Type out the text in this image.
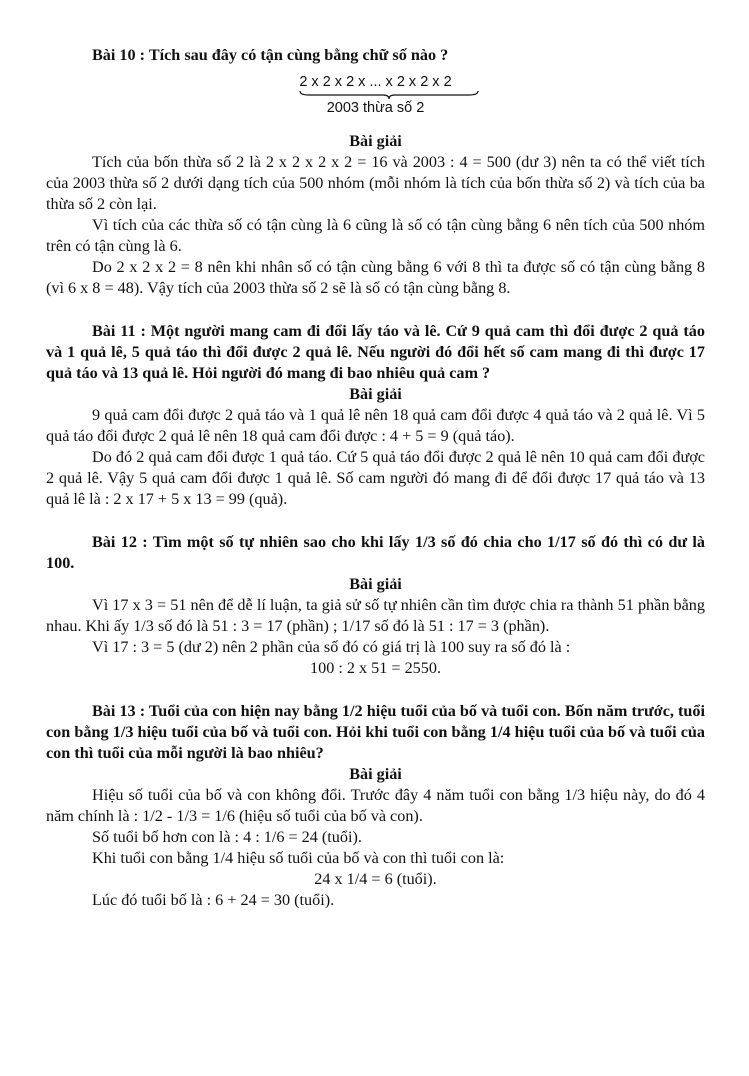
Bài 10 : Tích sau đây có tận cùng bằng chữ số nào ?

2 x 2 x 2 x ... x 2 x 2 x 2
2003 thừa số 2

Bài giải

Tích của bốn thừa số 2 là 2 x 2 x 2 x 2 = 16 và 2003 : 4 = 500 (dư 3) nên ta có thể viết tích của 2003 thừa số 2 dưới dạng tích của 500 nhóm (mỗi nhóm là tích của bốn thừa số 2) và tích của ba thừa số 2 còn lại.

Vì tích của các thừa số có tận cùng là 6 cũng là số có tận cùng bằng 6 nên tích của 500 nhóm trên có tận cùng là 6.

Do 2 x 2 x 2 = 8 nên khi nhân số có tận cùng bằng 6 với 8 thì ta được số có tận cùng bằng 8 (vì 6 x 8 = 48). Vậy tích của 2003 thừa số 2 sẽ là số có tận cùng bằng 8.

Bài 11 : Một người mang cam đi đổi lấy táo và lê. Cứ 9 quả cam thì đổi được 2 quả táo và 1 quả lê, 5 quả táo thì đổi được 2 quả lê. Nếu người đó đổi hết số cam mang đi thì được 17 quả táo và 13 quả lê. Hỏi người đó mang đi bao nhiêu quả cam ?

Bài giải

9 quả cam đổi được 2 quả táo và 1 quả lê nên 18 quả cam đổi được 4 quả táo và 2 quả lê. Vì 5 quả táo đổi được 2 quả lê nên 18 quả cam đổi được : 4 + 5 = 9 (quả táo).

Do đó 2 quả cam đổi được 1 quả táo. Cứ 5 quả táo đổi được 2 quả lê nên 10 quả cam đổi được 2 quả lê. Vậy 5 quả cam đổi được 1 quả lê. Số cam người đó mang đi để đổi được 17 quả táo và 13 quả lê là : 2 x 17 + 5 x 13 = 99 (quả).

Bài 12 : Tìm một số tự nhiên sao cho khi lấy 1/3 số đó chia cho 1/17 số đó thì có dư là 100.

Bài giải

Vì 17 x 3 = 51 nên để dễ lí luận, ta giả sử số tự nhiên cần tìm được chia ra thành 51 phần bằng nhau. Khi ấy 1/3 số đó là 51 : 3 = 17 (phần) ; 1/17 số đó là 51 : 17 = 3 (phần).

Vì 17 : 3 = 5 (dư 2) nên 2 phần của số đó có giá trị là 100 suy ra số đó là :

100 : 2 x 51 = 2550.

Bài 13 : Tuổi của con hiện nay bằng 1/2 hiệu tuổi của bố và tuổi con. Bốn năm trước, tuổi con bằng 1/3 hiệu tuổi của bố và tuổi con. Hỏi khi tuổi con bằng 1/4 hiệu tuổi của bố và tuổi của con thì tuổi của mỗi người là bao nhiêu?

Bài giải

Hiệu số tuổi của bố và con không đổi. Trước đây 4 năm tuổi con bằng 1/3 hiệu này, do đó 4 năm chính là : 1/2 - 1/3 = 1/6 (hiệu số tuổi của bố và con).

Số tuổi bố hơn con là : 4 : 1/6 = 24 (tuổi).

Khi tuổi con bằng 1/4 hiệu số tuổi của bố và con thì tuổi con là:

24 x 1/4 = 6 (tuổi).

Lúc đó tuổi bố là : 6 + 24 = 30 (tuổi).
